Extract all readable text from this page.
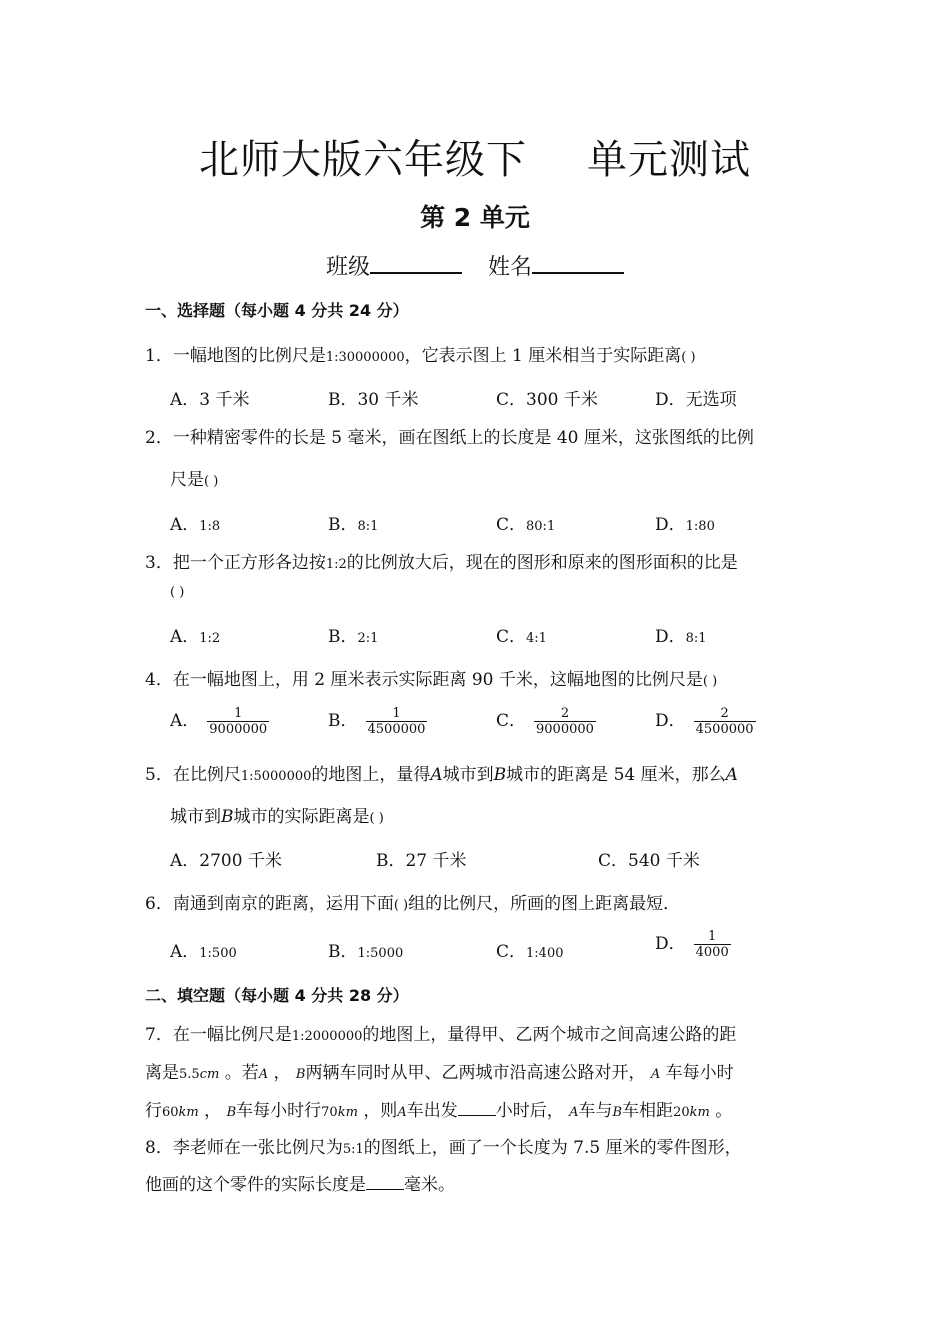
北师大版六年级下 单元测试
第 2 单元
班级	姓名
一、选择题（每小题 4 分共 24 分）
1．一幅地图的比例尺是1:30000000，它表示图上 1 厘米相当于实际距离( )
A．3 千米	B．30 千米	C．300 千米	D．无选项
2．一种精密零件的长是 5 毫米，画在图纸上的长度是 40 厘米，这张图纸的比例
尺是( )
A．1:8	B．8:1	C．80:1	D．1:80
3．把一个正方形各边按1:2的比例放大后，现在的图形和原来的图形面积的比是
( )
A．1:2	B．2:1	C．4:1	D．8:1
4．在一幅地图上，用 2 厘米表示实际距离 90 千米，这幅地图的比例尺是( )
A． $\frac{1}{9000000}$	B． $\frac{1}{4500000}$	C． $\frac{2}{9000000}$	D． $\frac{2}{4500000}$
5．在比例尺1:5000000的地图上，量得A城市到B城市的距离是 54 厘米，那么A
城市到B城市的实际距离是( )
A．2700 千米	B．27 千米	C．540 千米
6．南通到南京的距离，运用下面( )组的比例尺，所画的图上距离最短．
A．1:500	B．1:5000	C．1:400	D． $\frac{1}{4000}$
二、填空题（每小题 4 分共 28 分）
7．在一幅比例尺是1:2000000的地图上，量得甲、乙两个城市之间高速公路的距
离是5.5cm 。若A ， B两辆车同时从甲、乙两城市沿高速公路对开， A 车每小时
行60km ， B车每小时行70km ，则A车出发 小时后， A车与B车相距20km 。
8．李老师在一张比例尺为5:1的图纸上，画了一个长度为 7.5 厘米的零件图形，
他画的这个零件的实际长度是 毫米。
